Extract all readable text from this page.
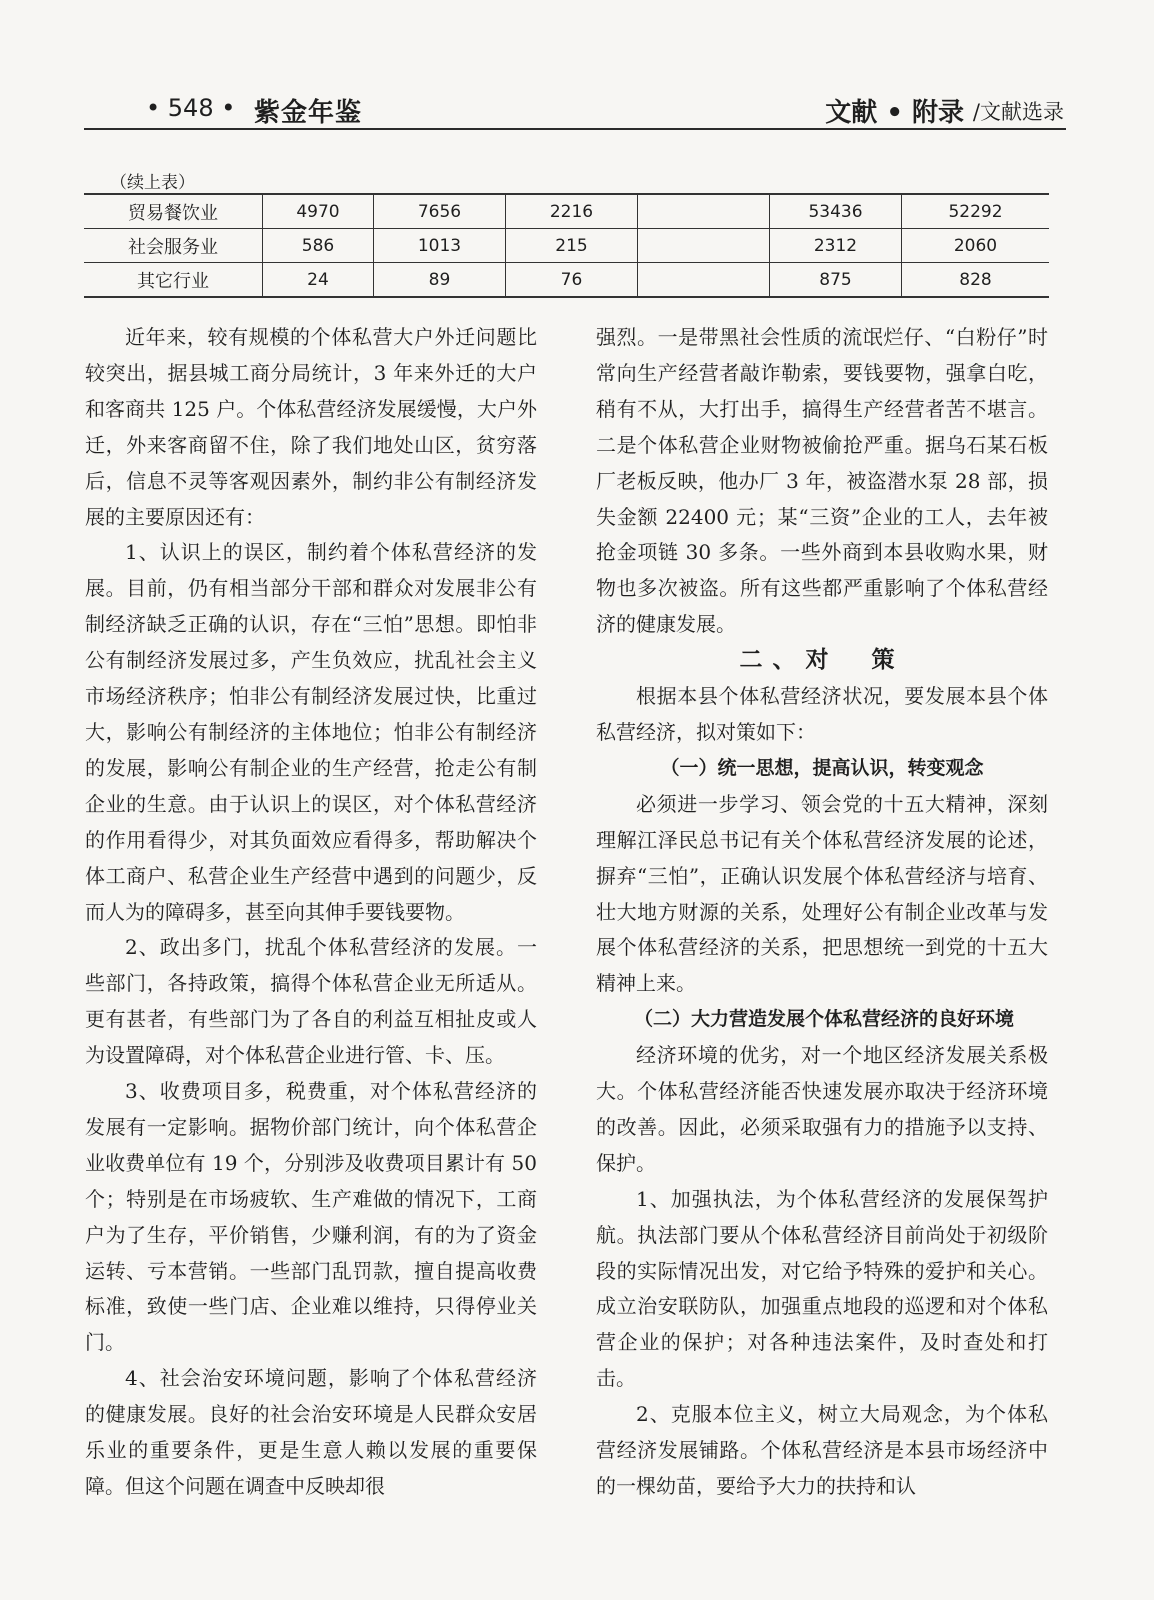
• 548 • 紫金年鉴	文献 • 附录 /文献选录
（续上表）
贸易餐饮业	4970	7656	2216		53436	52292
社会服务业	586	1013	215		2312	2060
其它行业	24	89	76		875	828

近年来，较有规模的个体私营大户外迁问题比较突出，据县城工商分局统计，3 年来外迁的大户和客商共 125 户。个体私营经济发展缓慢，大户外迁，外来客商留不住，除了我们地处山区，贫穷落后，信息不灵等客观因素外，制约非公有制经济发展的主要原因还有：

1、认识上的误区，制约着个体私营经济的发展。目前，仍有相当部分干部和群众对发展非公有制经济缺乏正确的认识，存在“三怕”思想。即怕非公有制经济发展过多，产生负效应，扰乱社会主义市场经济秩序；怕非公有制经济发展过快，比重过大，影响公有制经济的主体地位；怕非公有制经济的发展，影响公有制企业的生产经营，抢走公有制企业的生意。由于认识上的误区，对个体私营经济的作用看得少，对其负面效应看得多，帮助解决个体工商户、私营企业生产经营中遇到的问题少，反而人为的障碍多，甚至向其伸手要钱要物。

2、政出多门，扰乱个体私营经济的发展。一些部门，各持政策，搞得个体私营企业无所适从。更有甚者，有些部门为了各自的利益互相扯皮或人为设置障碍，对个体私营企业进行管、卡、压。

3、收费项目多，税费重，对个体私营经济的发展有一定影响。据物价部门统计，向个体私营企业收费单位有 19 个，分别涉及收费项目累计有 50 个；特别是在市场疲软、生产难做的情况下，工商户为了生存，平价销售，少赚利润，有的为了资金运转、亏本营销。一些部门乱罚款，擅自提高收费标准，致使一些门店、企业难以维持，只得停业关门。

4、社会治安环境问题，影响了个体私营经济的健康发展。良好的社会治安环境是人民群众安居乐业的重要条件，更是生意人赖以发展的重要保障。但这个问题在调查中反映却很

强烈。一是带黑社会性质的流氓烂仔、“白粉仔”时常向生产经营者敲诈勒索，要钱要物，强拿白吃，稍有不从，大打出手，搞得生产经营者苦不堪言。二是个体私营企业财物被偷抢严重。据乌石某石板厂老板反映，他办厂 3 年，被盗潜水泵 28 部，损失金额 22400 元；某“三资”企业的工人，去年被抢金项链 30 多条。一些外商到本县收购水果，财物也多次被盗。所有这些都严重影响了个体私营经济的健康发展。

二、对　策

根据本县个体私营经济状况，要发展本县个体私营经济，拟对策如下：

（一）统一思想，提高认识，转变观念

必须进一步学习、领会党的十五大精神，深刻理解江泽民总书记有关个体私营经济发展的论述，摒弃“三怕”，正确认识发展个体私营经济与培育、壮大地方财源的关系，处理好公有制企业改革与发展个体私营经济的关系，把思想统一到党的十五大精神上来。

（二）大力营造发展个体私营经济的良好环境

经济环境的优劣，对一个地区经济发展关系极大。个体私营经济能否快速发展亦取决于经济环境的改善。因此，必须采取强有力的措施予以支持、保护。

1、加强执法，为个体私营经济的发展保驾护航。执法部门要从个体私营经济目前尚处于初级阶段的实际情况出发，对它给予特殊的爱护和关心。成立治安联防队，加强重点地段的巡逻和对个体私营企业的保护；对各种违法案件，及时查处和打击。

2、克服本位主义，树立大局观念，为个体私营经济发展铺路。个体私营经济是本县市场经济中的一棵幼苗，要给予大力的扶持和认
